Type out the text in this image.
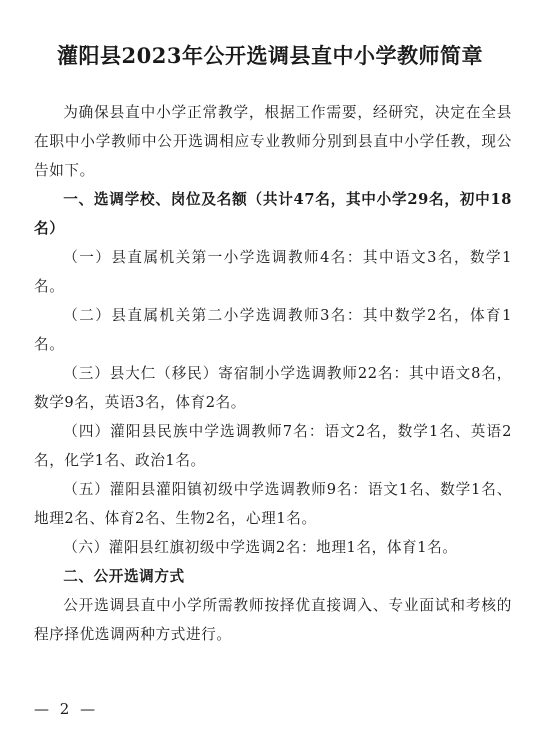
灌阳县2023年公开选调县直中小学教师简章

为确保县直中小学正常教学，根据工作需要，经研究，决定在全县在职中小学教师中公开选调相应专业教师分别到县直中小学任教，现公告如下。

一、选调学校、岗位及名额（共计47名，其中小学29名，初中18名）

（一）县直属机关第一小学选调教师4名：其中语文3名，数学1名。

（二）县直属机关第二小学选调教师3名：其中数学2名，体育1名。

（三）县大仁（移民）寄宿制小学选调教师22名：其中语文8名，数学9名，英语3名，体育2名。

（四）灌阳县民族中学选调教师7名：语文2名，数学1名、英语2名，化学1名、政治1名。

（五）灌阳县灌阳镇初级中学选调教师9名：语文1名、数学1名、地理2名、体育2名、生物2名，心理1名。

（六）灌阳县红旗初级中学选调2名：地理1名，体育1名。

二、公开选调方式

公开选调县直中小学所需教师按择优直接调入、专业面试和考核的程序择优选调两种方式进行。

— 2 —
